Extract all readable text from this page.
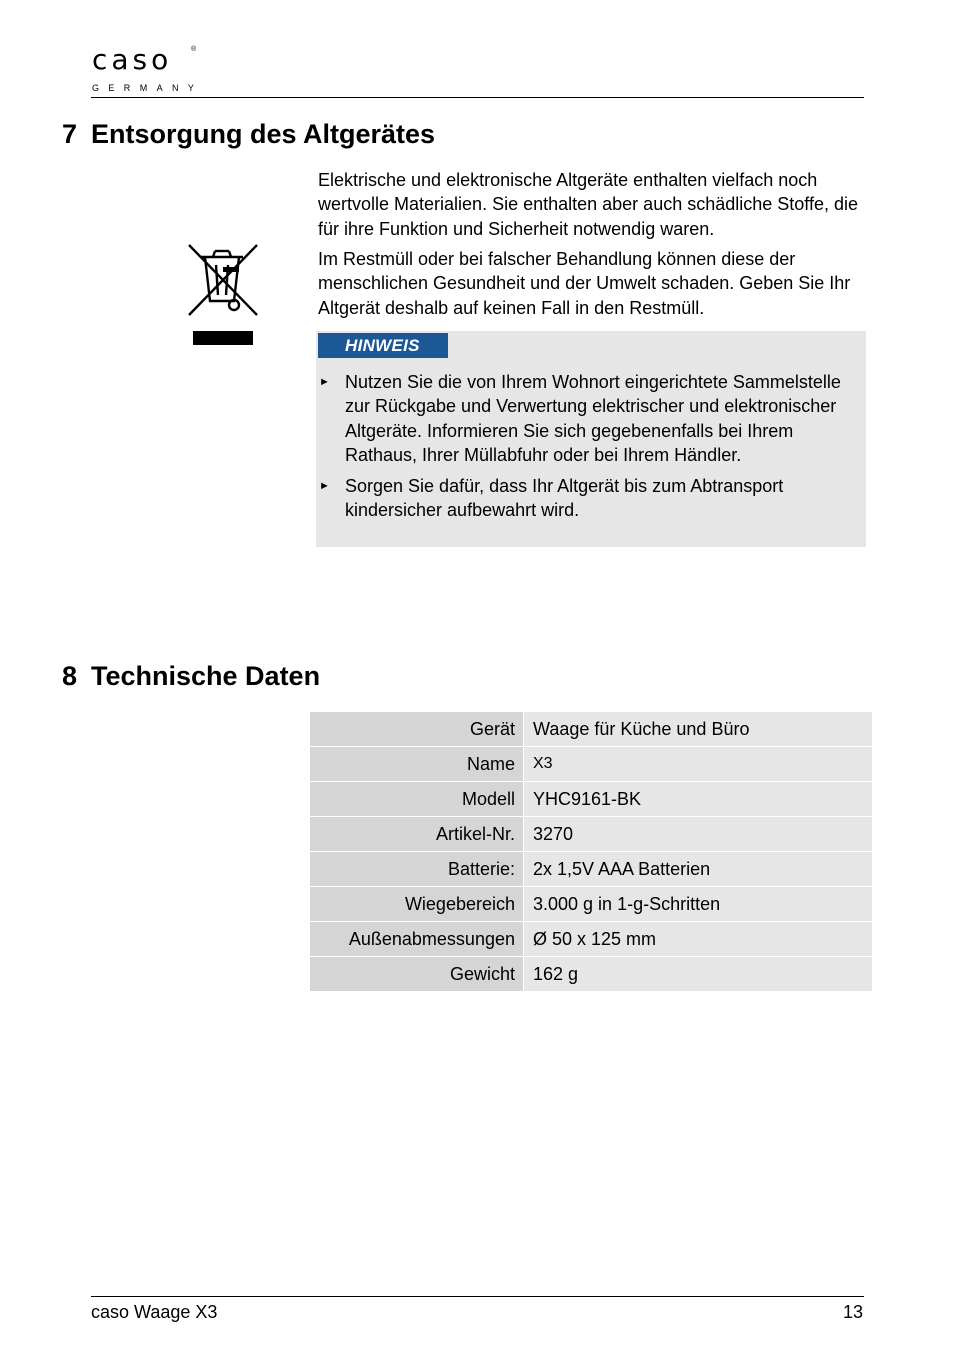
caso	®
GERMANY
7 Entsorgung des Altgerätes

Elektrische und elektronische Altgeräte enthalten vielfach noch wertvolle Materialien. Sie enthalten aber auch schädliche Stoffe, die für ihre Funktion und Sicherheit notwendig waren.

Im Restmüll oder bei falscher Behandlung können diese der menschlichen Gesundheit und der Umwelt schaden. Geben Sie Ihr Altgerät deshalb auf keinen Fall in den Restmüll.

HINWEIS
► Nutzen Sie die von Ihrem Wohnort eingerichtete Sammelstelle zur Rückgabe und Verwertung elektrischer und elektronischer Altgeräte. Informieren Sie sich gegebenenfalls bei Ihrem Rathaus, Ihrer Müllabfuhr oder bei Ihrem Händler.
► Sorgen Sie dafür, dass Ihr Altgerät bis zum Abtransport kindersicher aufbewahrt wird.
8 Technische Daten
Gerät	Waage für Küche und Büro
Name	X3
Modell	YHC9161-BK
Artikel-Nr.	3270
Batterie:	2x 1,5V AAA Batterien
Wiegebereich	3.000 g in 1-g-Schritten
Außenabmessungen	Ø 50 x 125 mm
Gewicht	162 g
caso Waage X3	13
